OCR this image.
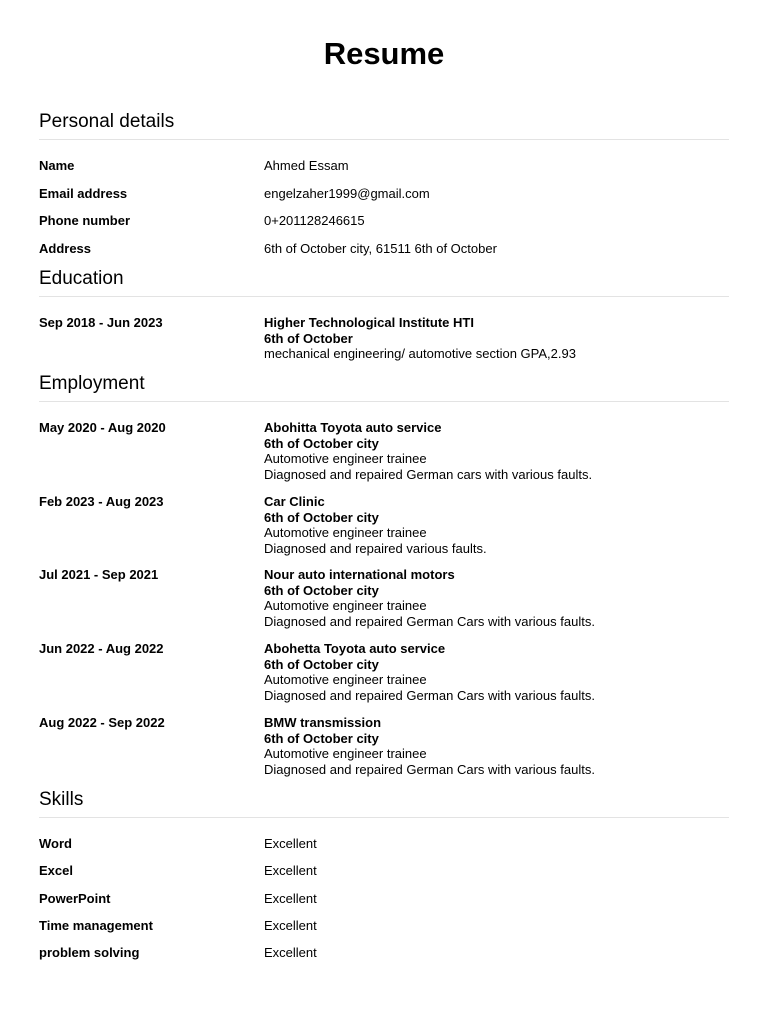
Resume
Personal details
Name	Ahmed Essam
Email address	engelzaher1999@gmail.com
Phone number	0+201128246615
Address	6th of October city, 61511 6th of October
Education
Sep 2018 - Jun 2023	Higher Technological Institute HTI
6th of October
mechanical engineering/ automotive section GPA,2.93
Employment
May 2020 - Aug 2020	Abohitta Toyota auto service
6th of October city
Automotive engineer trainee
Diagnosed and repaired German cars with various faults.
Feb 2023 - Aug 2023	Car Clinic
6th of October city
Automotive engineer trainee
Diagnosed and repaired various faults.
Jul 2021 - Sep 2021	Nour auto international motors
6th of October city
Automotive engineer trainee
Diagnosed and repaired German Cars with various faults.
Jun 2022 - Aug 2022	Abohetta Toyota auto service
6th of October city
Automotive engineer trainee
Diagnosed and repaired German Cars with various faults.
Aug 2022 - Sep 2022	BMW transmission
6th of October city
Automotive engineer trainee
Diagnosed and repaired German Cars with various faults.
Skills
Word	Excellent
Excel	Excellent
PowerPoint	Excellent
Time management	Excellent
problem solving	Excellent
